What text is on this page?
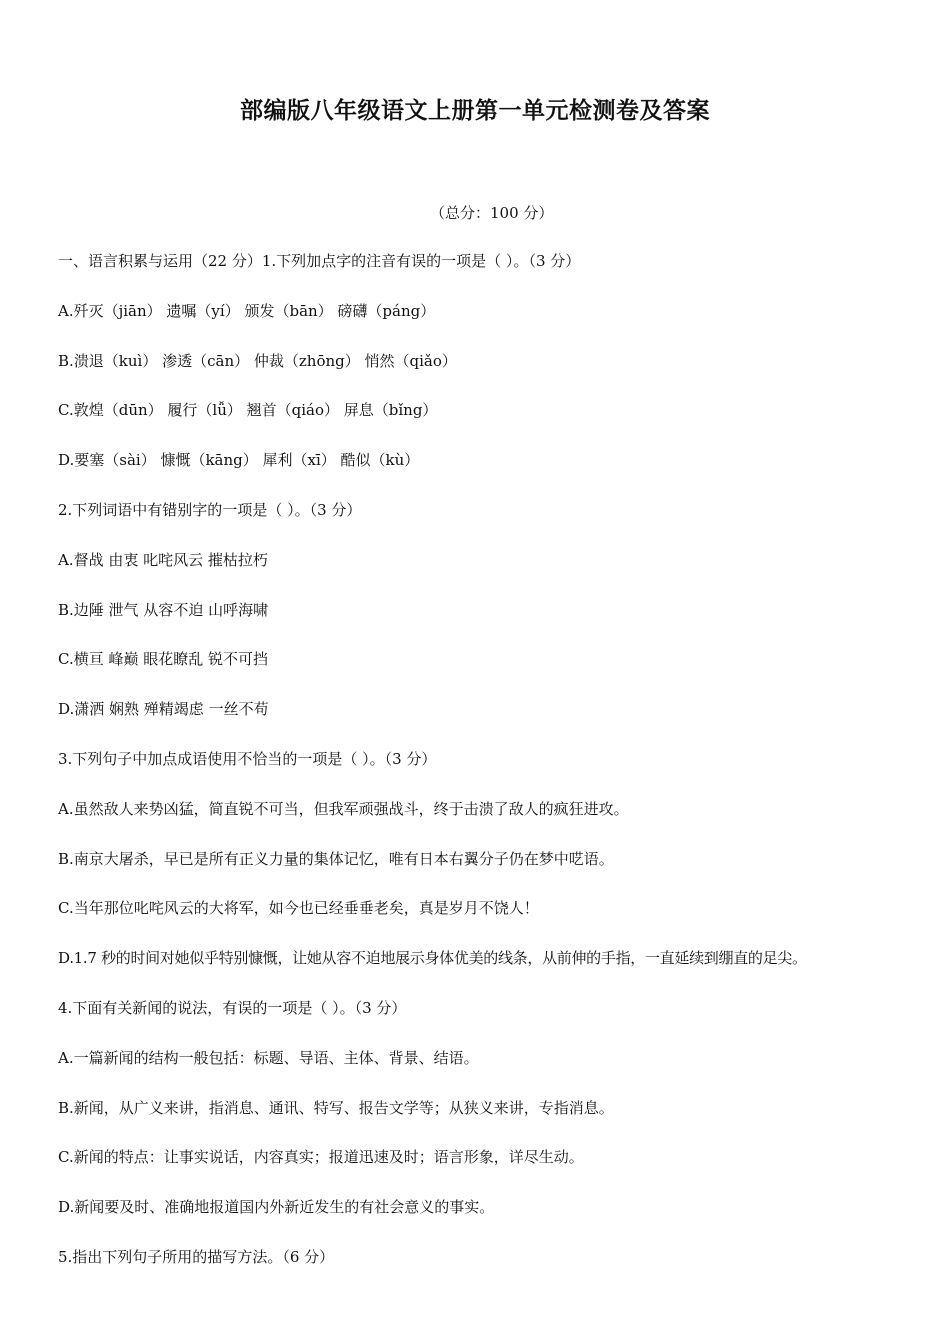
部编版八年级语文上册第一单元检测卷及答案
（总分：100 分）
一、语言积累与运用（22 分）1.下列加点字的注音有误的一项是（ ）。（3 分）
A.歼灭（jiān） 遗嘱（yí） 颁发（bān） 磅礴（páng）
B.溃退（kuì） 渗透（cān） 仲裁（zhōng） 悄然（qiǎo）
C.敦煌（dūn） 履行（lǚ） 翘首（qiáo） 屏息（bǐng）
D.要塞（sài） 慷慨（kāng） 犀利（xī） 酷似（kù）
2.下列词语中有错别字的一项是（ ）。（3 分）
A.督战 由衷 叱咤风云 摧枯拉朽
B.边陲 泄气 从容不迫 山呼海啸
C.横亘 峰巅 眼花瞭乱 锐不可挡
D.潇洒 娴熟 殚精竭虑 一丝不苟
3.下列句子中加点成语使用不恰当的一项是（ ）。（3 分）
A.虽然敌人来势凶猛，简直锐不可当，但我军顽强战斗，终于击溃了敌人的疯狂进攻。
B.南京大屠杀，早已是所有正义力量的集体记忆，唯有日本右翼分子仍在梦中呓语。
C.当年那位叱咤风云的大将军，如今也已经垂垂老矣，真是岁月不饶人！
D.1.7 秒的时间对她似乎特别慷慨，让她从容不迫地展示身体优美的线条，从前伸的手指，一直延续到绷直的足尖。
4.下面有关新闻的说法，有误的一项是（ ）。（3 分）
A.一篇新闻的结构一般包括：标题、导语、主体、背景、结语。
B.新闻，从广义来讲，指消息、通讯、特写、报告文学等；从狭义来讲，专指消息。
C.新闻的特点：让事实说话，内容真实；报道迅速及时；语言形象，详尽生动。
D.新闻要及时、准确地报道国内外新近发生的有社会意义的事实。
5.指出下列句子所用的描写方法。（6 分）
